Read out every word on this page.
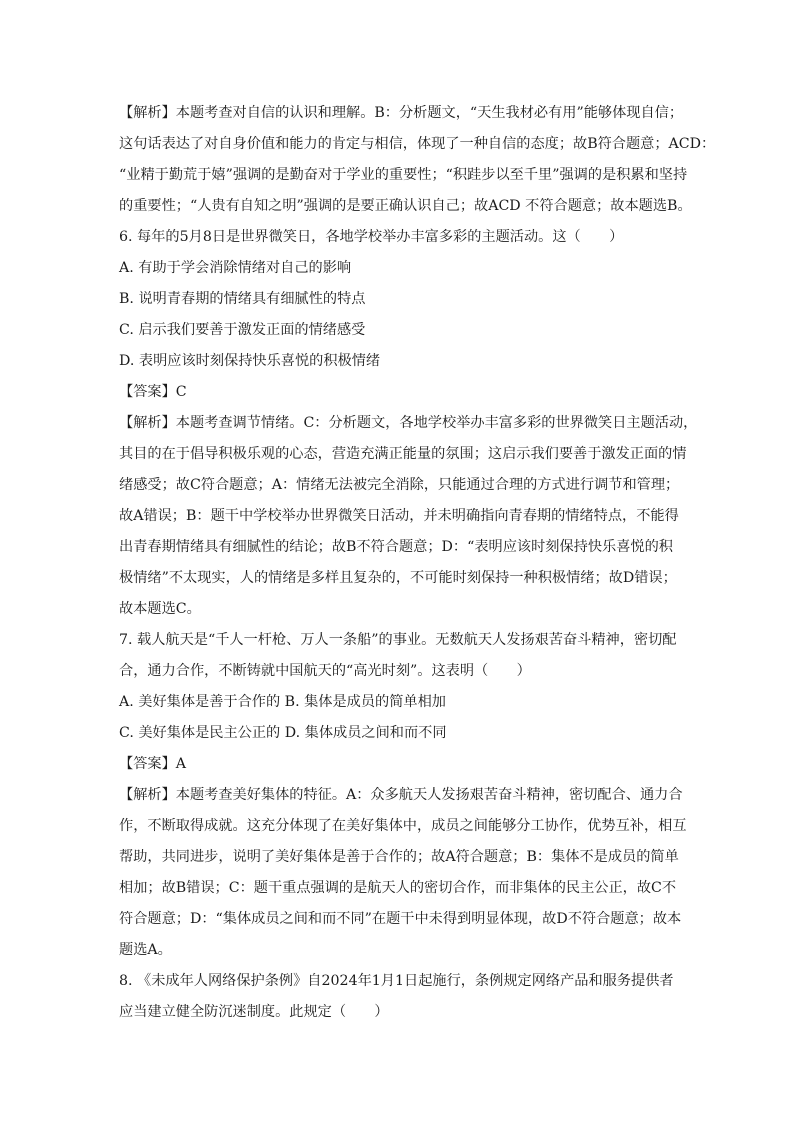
【解析】本题考查对自信的认识和理解。B：分析题文，“天生我材必有用”能够体现自信；
这句话表达了对自身价值和能力的肯定与相信，体现了一种自信的态度；故B符合题意；ACD：
“业精于勤荒于嬉”强调的是勤奋对于学业的重要性；“积跬步以至千里”强调的是积累和坚持
的重要性；“人贵有自知之明”强调的是要正确认识自己；故ACD 不符合题意；故本题选B。
6. 每年的5月8日是世界微笑日，各地学校举办丰富多彩的主题活动。这（　　）
A. 有助于学会消除情绪对自己的影响
B. 说明青春期的情绪具有细腻性的特点
C. 启示我们要善于激发正面的情绪感受
D. 表明应该时刻保持快乐喜悦的积极情绪
【答案】C
【解析】本题考查调节情绪。C：分析题文，各地学校举办丰富多彩的世界微笑日主题活动，
其目的在于倡导积极乐观的心态，营造充满正能量的氛围；这启示我们要善于激发正面的情
绪感受；故C符合题意；A：情绪无法被完全消除，只能通过合理的方式进行调节和管理；
故A错误；B：题干中学校举办世界微笑日活动，并未明确指向青春期的情绪特点，不能得
出青春期情绪具有细腻性的结论；故B不符合题意；D：“表明应该时刻保持快乐喜悦的积
极情绪”不太现实，人的情绪是多样且复杂的，不可能时刻保持一种积极情绪；故D错误；
故本题选C。
7. 载人航天是“千人一杆枪、万人一条船”的事业。无数航天人发扬艰苦奋斗精神，密切配
合，通力合作，不断铸就中国航天的“高光时刻”。这表明（　　）
A. 美好集体是善于合作的 B. 集体是成员的简单相加
C. 美好集体是民主公正的 D. 集体成员之间和而不同
【答案】A
【解析】本题考查美好集体的特征。A：众多航天人发扬艰苦奋斗精神，密切配合、通力合
作，不断取得成就。这充分体现了在美好集体中，成员之间能够分工协作，优势互补，相互
帮助，共同进步，说明了美好集体是善于合作的；故A符合题意；B：集体不是成员的简单
相加；故B错误；C：题干重点强调的是航天人的密切合作，而非集体的民主公正，故C不
符合题意；D：“集体成员之间和而不同”在题干中未得到明显体现，故D不符合题意；故本
题选A。
8. 《未成年人网络保护条例》自2024年1月1日起施行，条例规定网络产品和服务提供者
应当建立健全防沉迷制度。此规定（　　）
